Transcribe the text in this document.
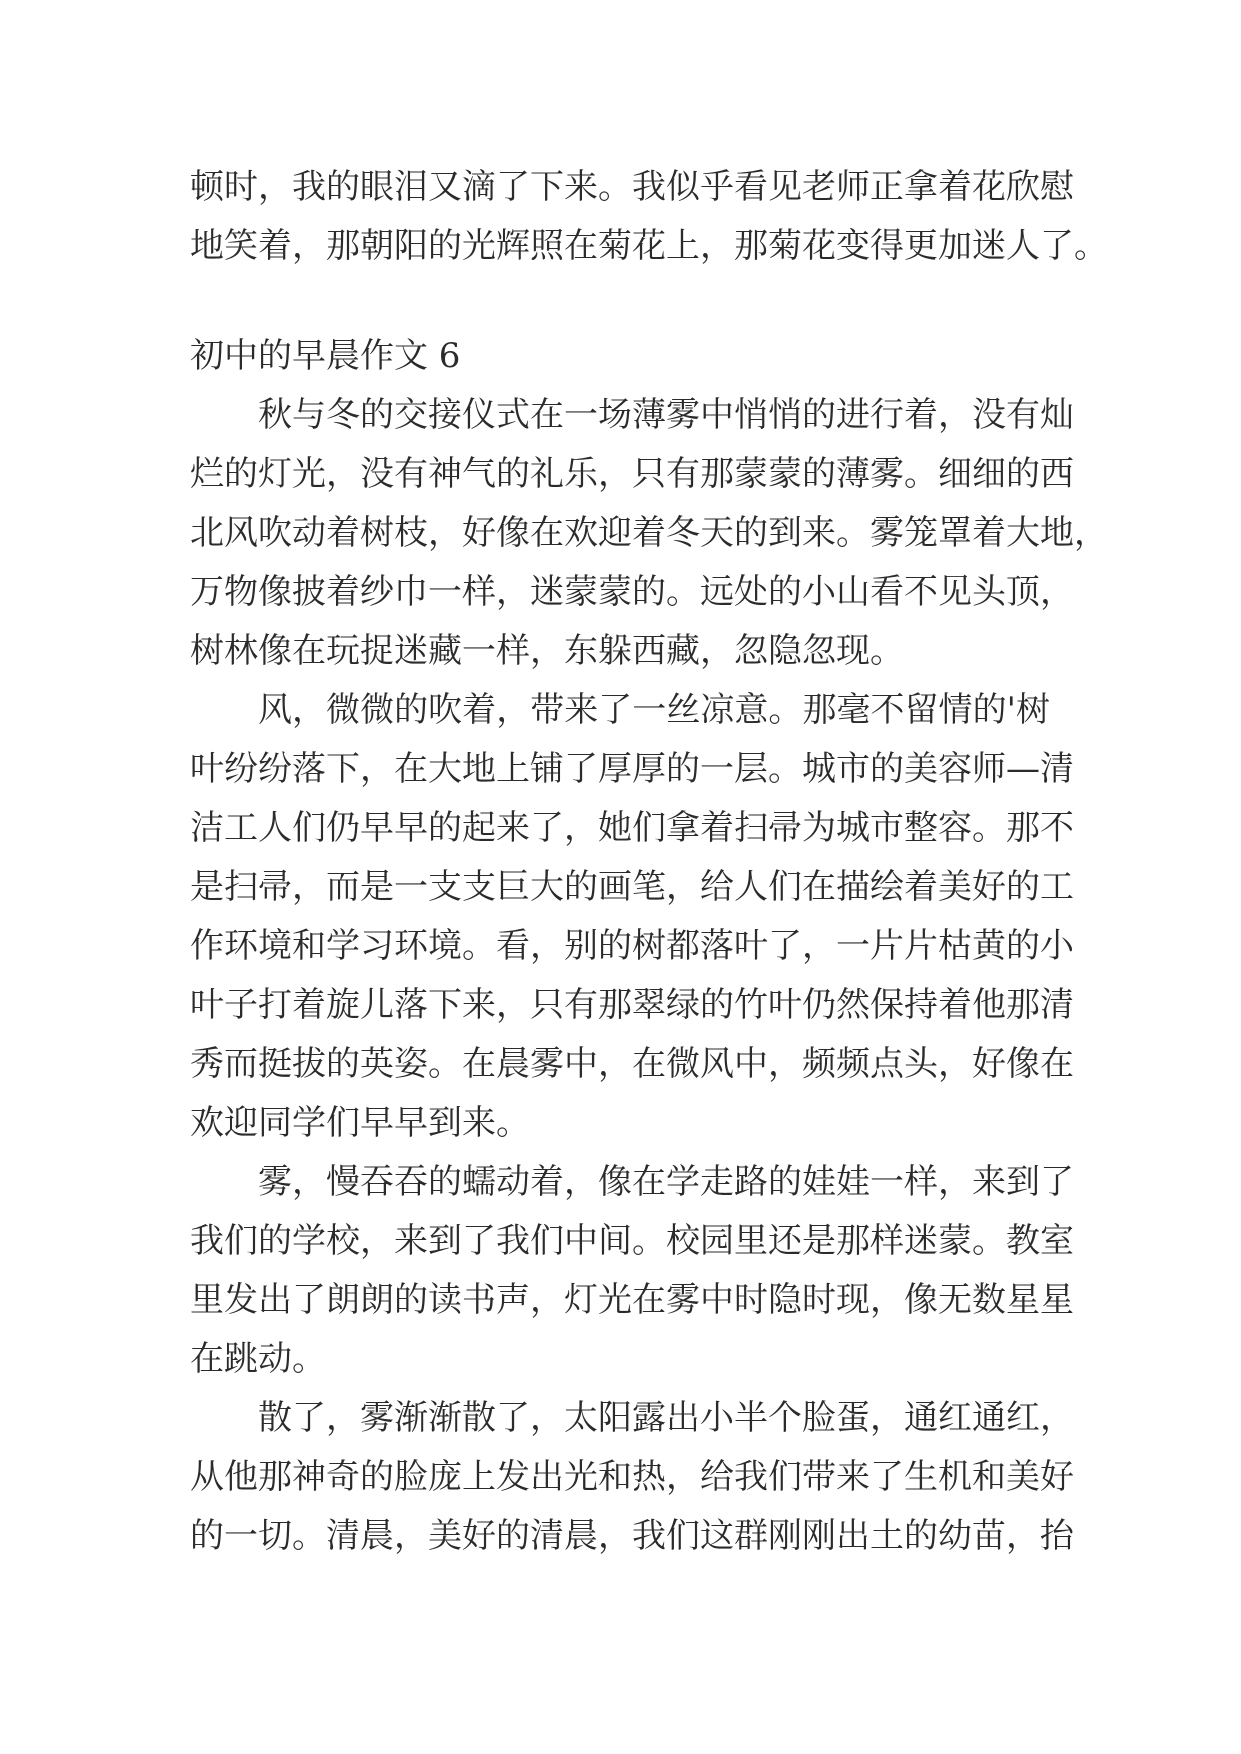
顿时，我的眼泪又滴了下来。我似乎看见老师正拿着花欣慰
地笑着，那朝阳的光辉照在菊花上，那菊花变得更加迷人了。
初中的早晨作文 6
秋与冬的交接仪式在一场薄雾中悄悄的进行着，没有灿
烂的灯光，没有神气的礼乐，只有那蒙蒙的薄雾。细细的西
北风吹动着树枝，好像在欢迎着冬天的到来。雾笼罩着大地，
万物像披着纱巾一样，迷蒙蒙的。远处的小山看不见头顶，
树林像在玩捉迷藏一样，东躲西藏，忽隐忽现。
风，微微的吹着，带来了一丝凉意。那毫不留情的'树
叶纷纷落下，在大地上铺了厚厚的一层。城市的美容师—清
洁工人们仍早早的起来了，她们拿着扫帚为城市整容。那不
是扫帚，而是一支支巨大的画笔，给人们在描绘着美好的工
作环境和学习环境。看，别的树都落叶了，一片片枯黄的小
叶子打着旋儿落下来，只有那翠绿的竹叶仍然保持着他那清
秀而挺拔的英姿。在晨雾中，在微风中，频频点头，好像在
欢迎同学们早早到来。
雾，慢吞吞的蠕动着，像在学走路的娃娃一样，来到了
我们的学校，来到了我们中间。校园里还是那样迷蒙。教室
里发出了朗朗的读书声，灯光在雾中时隐时现，像无数星星
在跳动。
散了，雾渐渐散了，太阳露出小半个脸蛋，通红通红，
从他那神奇的脸庞上发出光和热，给我们带来了生机和美好
的一切。清晨，美好的清晨，我们这群刚刚出土的幼苗，抬
